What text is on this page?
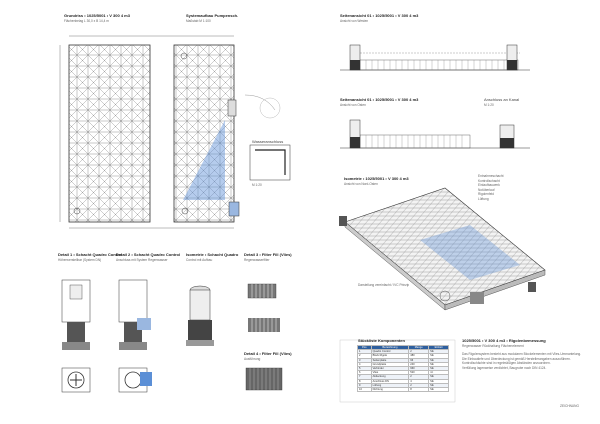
Grundriss • 1025/5001 • V 300 4 m3
Flächenbelag L 30,0 x B 14,4 m
Systemaufbau Pumpensch.
Maßstab M 1:100
Wasseranschluss
M 1:20
Seitenansicht 01 • 1025/5001 • V 300 4 m3
Ansicht von Westen
Seitenansicht 01 • 1025/5001 • V 300 4 m3
Ansicht von Osten
Anschluss an Kanal
M 1:20
Isometrie • 1025/5001 • V 300 4 m3
Ansicht von Nord-Osten
Entnahmeschacht
Kontrollschacht
Einlaufbauwerk
Notüberlauf
Rigolenfeld
Lüftung
Darstellung vereinfacht / IVC Prinzip
Detail 1 • Schacht Quadro Control
Höhenverstellbar (System DN)
Detail 2 • Schacht Quadro Control
Anschluss mit System Regenwasser
Isometrie • Schacht Quadro
Control mit Aufbau
Detail 3 • Filter Fill (Vlies)
Regenwasserfilter
Detail 4 • Filter Fill (Vlies)
Ausführung
Stückliste Komponenten
Pos	Bezeichnung	Menge	Einheit
1	Quadro Control	2	Stk
2	Block Rigole	480	Stk
3	Seitenplatte	96	Stk
4	Grundplatte	240	Stk
5	Verbinder	960	Stk
6	Vlies	520	m²
7	Abdeckung	2	Stk
8	Anschluss DN	4	Stk
9	Lüftung	2	Stk
10	Dichtung	8	Stk
1025/5001 • V 300 4 m3 • Rigolenbemessung
Regenwasser Rückhaltung Flächenelement
Das Rigolensystem besteht aus modularen Blockelementen mit Vlies-Ummantelung.
Die Einbautiefe und Überdeckung ist gemäß Herstellerangaben auszuführen.
Kontrollschächte sind in regelmäßigen Abständen anzuordnen.
Verfüllung lagenweise verdichtet, Baugrube nach DIN 4124.
ZEICHNUNG
